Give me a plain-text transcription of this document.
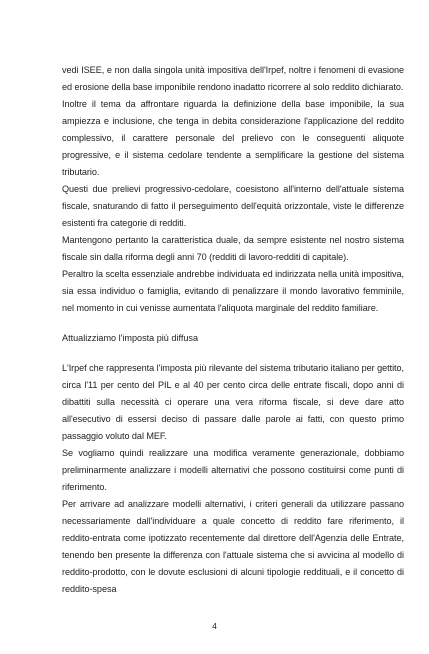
vedi ISEE, e non dalla singola unità impositiva dell'Irpef, noltre i fenomeni di evasione ed erosione della base imponibile rendono inadatto ricorrere al solo reddito dichiarato.

Inoltre il tema da affrontare riguarda la definizione della base imponibile, la sua ampiezza e inclusione, che tenga in debita considerazione l'applicazione del reddito complessivo, il carattere personale del prelievo con le conseguenti aliquote progressive, e il sistema cedolare tendente a semplificare la gestione del sistema tributario.

Questi due prelievi progressivo-cedolare, coesistono all'interno dell'attuale sistema fiscale, snaturando di fatto il perseguimento dell'equità orizzontale, viste le differenze esistenti fra categorie di redditi.

Mantengono pertanto la caratteristica duale, da sempre esistente nel nostro sistema fiscale sin dalla riforma degli anni 70 (redditi di lavoro-redditi di capitale).

Peraltro la scelta essenziale andrebbe individuata ed indirizzata nella unità impositiva, sia essa individuo o famiglia, evitando di penalizzare il mondo lavorativo femminile, nel momento in cui venisse aumentata l'aliquota marginale del reddito familiare.

Attualizziamo l'imposta più diffusa

L'Irpef che rappresenta l'imposta più rilevante del sistema tributario italiano per gettito, circa l'11 per cento del PIL e al 40 per cento circa delle entrate fiscali, dopo anni di dibattiti sulla necessità ci operare una vera riforma fiscale, si deve dare atto all'esecutivo di essersi deciso di passare dalle parole ai fatti, con questo primo passaggio voluto dal MEF.

Se vogliamo quindi realizzare una modifica veramente generazionale, dobbiamo preliminarmente analizzare i modelli alternativi che possono costituirsi come punti di riferimento.

Per arrivare ad analizzare modelli alternativi, i criteri generali da utilizzare passano necessariamente dall'individuare a quale concetto di reddito fare riferimento, il reddito-entrata come ipotizzato recentemente dal direttore dell'Agenzia delle Entrate, tenendo ben presente la differenza con l'attuale sistema che si avvicina al modello di reddito-prodotto, con le dovute esclusioni di alcuni tipologie reddituali, e il concetto di reddito-spesa

4
